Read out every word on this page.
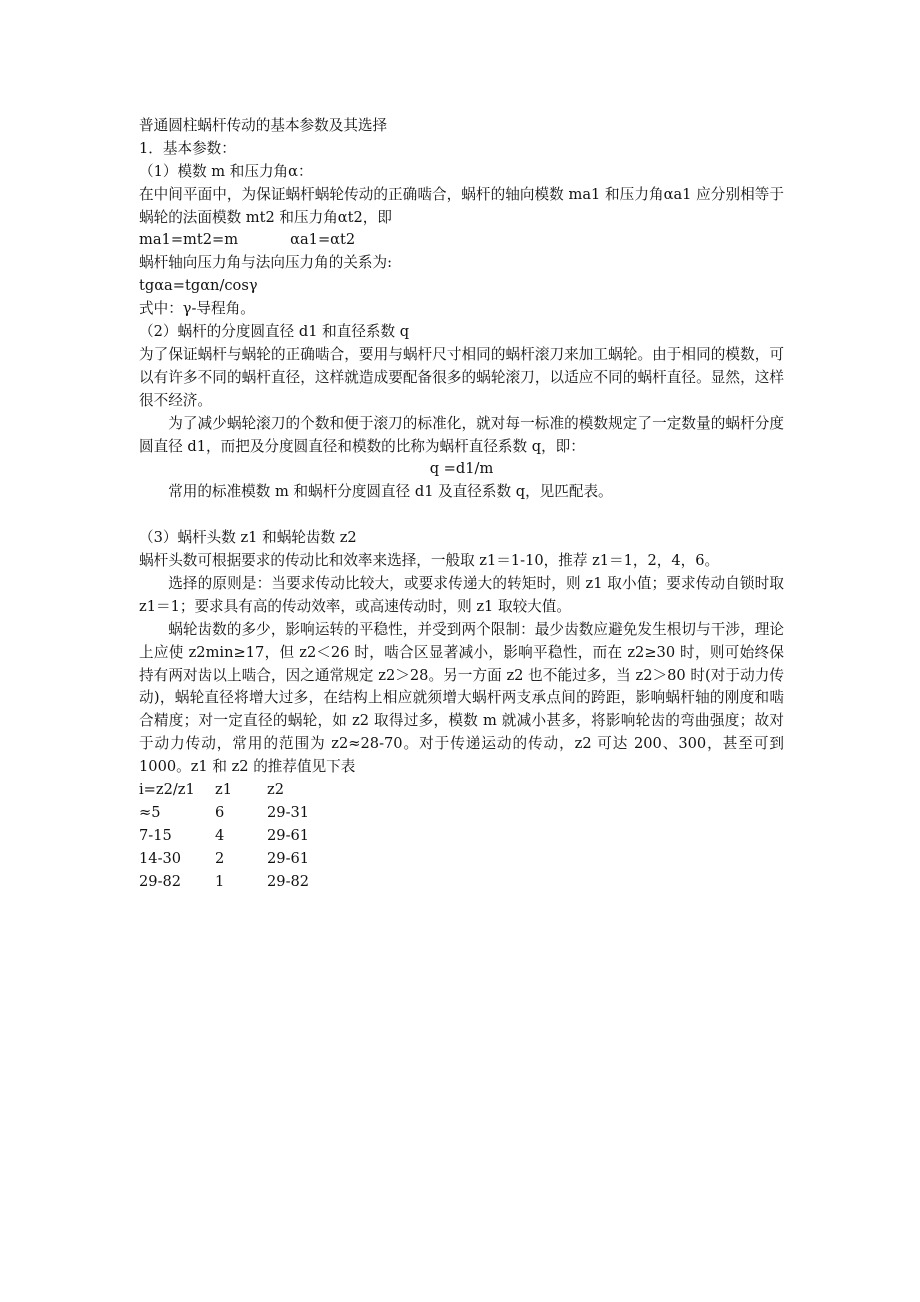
普通圆柱蜗杆传动的基本参数及其选择
1．基本参数：
（1）模数 m 和压力角α：
在中间平面中，为保证蜗杆蜗轮传动的正确啮合，蜗杆的轴向模数 ma1 和压力角αa1 应分别相等于蜗轮的法面模数 mt2 和压力角αt2，即
ma1=mt2=m	αa1=αt2
蜗杆轴向压力角与法向压力角的关系为:
tgαa=tgαn/cosγ
式中：γ-导程角。
（2）蜗杆的分度圆直径 d1 和直径系数 q
为了保证蜗杆与蜗轮的正确啮合，要用与蜗杆尺寸相同的蜗杆滚刀来加工蜗轮。由于相同的模数，可以有许多不同的蜗杆直径，这样就造成要配备很多的蜗轮滚刀，以适应不同的蜗杆直径。显然，这样很不经济。
为了减少蜗轮滚刀的个数和便于滚刀的标准化，就对每一标准的模数规定了一定数量的蜗杆分度圆直径 d1，而把及分度圆直径和模数的比称为蜗杆直径系数 q，即：
q =d1/m
常用的标准模数 m 和蜗杆分度圆直径 d1 及直径系数 q，见匹配表。
（3）蜗杆头数 z1 和蜗轮齿数 z2
蜗杆头数可根据要求的传动比和效率来选择，一般取 z1＝1-10，推荐 z1＝1，2，4，6。
选择的原则是：当要求传动比较大，或要求传递大的转矩时，则 z1 取小值；要求传动自锁时取 z1＝1；要求具有高的传动效率，或高速传动时，则 z1 取较大值。
蜗轮齿数的多少，影响运转的平稳性，并受到两个限制：最少齿数应避免发生根切与干涉，理论上应使 z2min≥17，但 z2＜26 时，啮合区显著减小，影响平稳性，而在 z2≥30 时，则可始终保持有两对齿以上啮合，因之通常规定 z2＞28。另一方面 z2 也不能过多，当 z2＞80 时(对于动力传动)，蜗轮直径将增大过多，在结构上相应就须增大蜗杆两支承点间的跨距，影响蜗杆轴的刚度和啮合精度；对一定直径的蜗轮，如 z2 取得过多，模数 m 就减小甚多，将影响轮齿的弯曲强度；故对于动力传动，常用的范围为 z2≈28-70。对于传递运动的传动，z2 可达 200、300，甚至可到 1000。z1 和 z2 的推荐值见下表
i=z2/z1 z1 z2
≈5	6	29-31
7-15	4	29-61
14-30 2	29-61
29-82 1	29-82
